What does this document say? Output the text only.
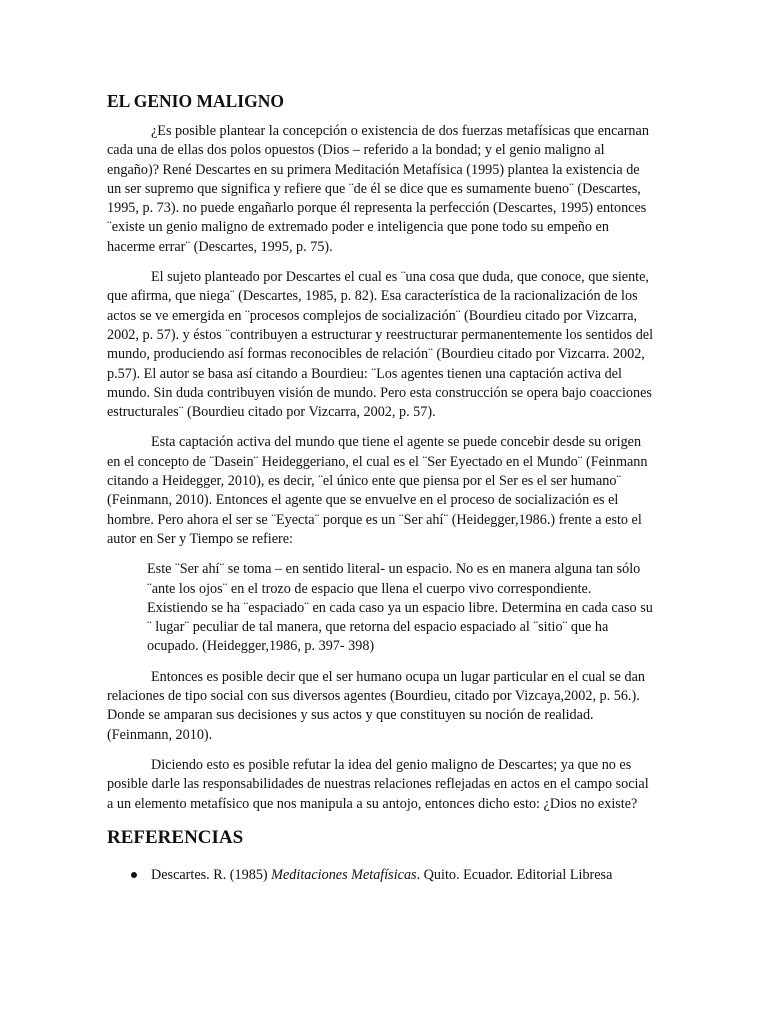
EL GENIO MALIGNO

¿Es posible plantear la concepción o existencia de dos fuerzas metafísicas que encarnan cada una de ellas dos polos opuestos (Dios – referido a la bondad; y el genio maligno al engaño)? René Descartes en su primera Meditación Metafísica (1995) plantea la existencia de un ser supremo que significa y refiere que ¨de él se dice que es sumamente bueno¨ (Descartes, 1995, p. 73). no puede engañarlo porque él representa la perfección (Descartes, 1995) entonces ¨existe un genio maligno de extremado poder e inteligencia que pone todo su empeño en hacerme errar¨ (Descartes, 1995, p. 75).

El sujeto planteado por Descartes el cual es ¨una cosa que duda, que conoce, que siente, que afirma, que niega¨ (Descartes, 1985, p. 82). Esa característica de la racionalización de los actos se ve emergida en ¨procesos complejos de socialización¨ (Bourdieu citado por Vizcarra, 2002, p. 57). y éstos ¨contribuyen a estructurar y reestructurar permanentemente los sentidos del mundo, produciendo así formas reconocibles de relación¨ (Bourdieu citado por Vizcarra. 2002, p.57). El autor se basa así citando a Bourdieu: ¨Los agentes tienen una captación activa del mundo. Sin duda contribuyen visión de mundo. Pero esta construcción se opera bajo coacciones estructurales¨ (Bourdieu citado por Vizcarra, 2002, p. 57).

Esta captación activa del mundo que tiene el agente se puede concebir desde su origen en el concepto de ¨Dasein¨ Heideggeriano, el cual es el ¨Ser Eyectado en el Mundo¨ (Feinmann citando a Heidegger, 2010), es decir, ¨el único ente que piensa por el Ser es el ser humano¨ (Feinmann, 2010). Entonces el agente que se envuelve en el proceso de socialización es el hombre. Pero ahora el ser se ¨Eyecta¨ porque es un ¨Ser ahí¨ (Heidegger,1986.) frente a esto el autor en Ser y Tiempo se refiere:

Este ¨Ser ahí¨ se toma – en sentido literal- un espacio. No es en manera alguna tan sólo ¨ante los ojos¨ en el trozo de espacio que llena el cuerpo vivo correspondiente. Existiendo se ha ¨espaciado¨ en cada caso ya un espacio libre. Determina en cada caso su ¨ lugar¨ peculiar de tal manera, que retorna del espacio espaciado al ¨sitio¨ que ha ocupado. (Heidegger,1986, p. 397- 398)

Entonces es posible decir que el ser humano ocupa un lugar particular en el cual se dan relaciones de tipo social con sus diversos agentes (Bourdieu, citado por Vizcaya,2002, p. 56.). Donde se amparan sus decisiones y sus actos y que constituyen su noción de realidad. (Feinmann, 2010).

Diciendo esto es posible refutar la idea del genio maligno de Descartes; ya que no es posible darle las responsabilidades de nuestras relaciones reflejadas en actos en el campo social a un elemento metafísico que nos manipula a su antojo, entonces dicho esto: ¿Dios no existe?

REFERENCIAS
Descartes. R. (1985) Meditaciones Metafísicas. Quito. Ecuador. Editorial Libresa
